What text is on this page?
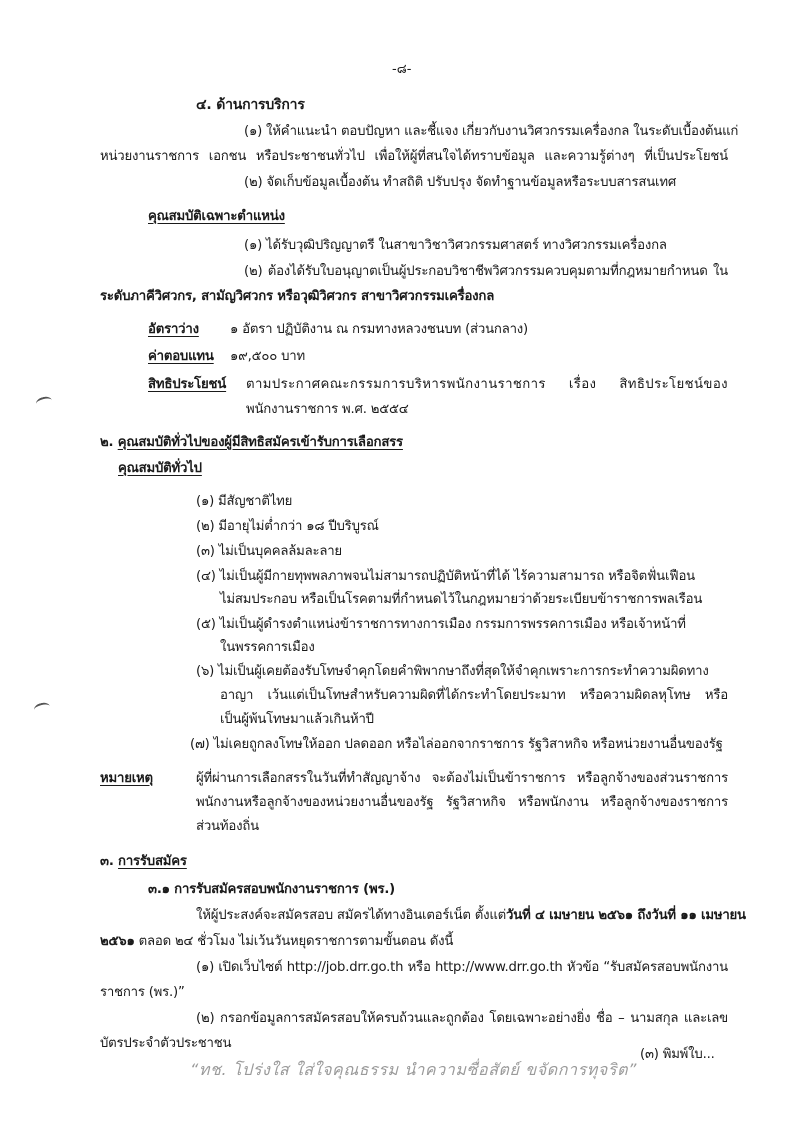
-๘-
๔. ด้านการบริการ
(๑) ให้คำแนะนำ ตอบปัญหา และชี้แจง เกี่ยวกับงานวิศวกรรมเครื่องกล ในระดับเบื้องต้นแก่
หน่วยงานราชการ เอกชน หรือประชาชนทั่วไป เพื่อให้ผู้ที่สนใจได้ทราบข้อมูล และความรู้ต่างๆ ที่เป็นประโยชน์
(๒) จัดเก็บข้อมูลเบื้องต้น ทำสถิติ ปรับปรุง จัดทำฐานข้อมูลหรือระบบสารสนเทศ
คุณสมบัติเฉพาะตำแหน่ง
(๑) ได้รับวุฒิปริญญาตรี ในสาขาวิชาวิศวกรรมศาสตร์ ทางวิศวกรรมเครื่องกล
(๒) ต้องได้รับใบอนุญาตเป็นผู้ประกอบวิชาชีพวิศวกรรมควบคุมตามที่กฎหมายกำหนด ใน
ระดับภาคีวิศวกร, สามัญวิศวกร หรือวุฒิวิศวกร สาขาวิศวกรรมเครื่องกล
อัตราว่าง ๑ อัตรา ปฏิบัติงาน ณ กรมทางหลวงชนบท (ส่วนกลาง)
ค่าตอบแทน ๑๙,๕๐๐ บาท
สิทธิประโยชน์ ตามประกาศคณะกรรมการบริหารพนักงานราชการ เรื่อง สิทธิประโยชน์ของ
พนักงานราชการ พ.ศ. ๒๕๕๔
๒. คุณสมบัติทั่วไปของผู้มีสิทธิสมัครเข้ารับการเลือกสรร
คุณสมบัติทั่วไป
(๑) มีสัญชาติไทย
(๒) มีอายุไม่ต่ำกว่า ๑๘ ปีบริบูรณ์
(๓) ไม่เป็นบุคคลล้มละลาย
(๔) ไม่เป็นผู้มีกายทุพพลภาพจนไม่สามารถปฏิบัติหน้าที่ได้ ไร้ความสามารถ หรือจิตฟั่นเฟือน
ไม่สมประกอบ หรือเป็นโรคตามที่กำหนดไว้ในกฎหมายว่าด้วยระเบียบข้าราชการพลเรือน
(๕) ไม่เป็นผู้ดำรงตำแหน่งข้าราชการทางการเมือง กรรมการพรรคการเมือง หรือเจ้าหน้าที่
ในพรรคการเมือง
(๖) ไม่เป็นผู้เคยต้องรับโทษจำคุกโดยคำพิพากษาถึงที่สุดให้จำคุกเพราะการกระทำความผิดทาง
อาญา เว้นแต่เป็นโทษสำหรับความผิดที่ได้กระทำโดยประมาท หรือความผิดลหุโทษ หรือ
เป็นผู้พ้นโทษมาแล้วเกินห้าปี
(๗) ไม่เคยถูกลงโทษให้ออก ปลดออก หรือไล่ออกจากราชการ รัฐวิสาหกิจ หรือหน่วยงานอื่นของรัฐ
หมายเหตุ	ผู้ที่ผ่านการเลือกสรรในวันที่ทำสัญญาจ้าง จะต้องไม่เป็นข้าราชการ หรือลูกจ้างของส่วนราชการ
พนักงานหรือลูกจ้างของหน่วยงานอื่นของรัฐ รัฐวิสาหกิจ หรือพนักงาน หรือลูกจ้างของราชการ
ส่วนท้องถิ่น
๓. การรับสมัคร
๓.๑ การรับสมัครสอบพนักงานราชการ (พร.)
ให้ผู้ประสงค์จะสมัครสอบ สมัครได้ทางอินเตอร์เน็ต ตั้งแต่วันที่ ๔ เมษายน ๒๕๖๑ ถึงวันที่ ๑๑ เมษายน
๒๕๖๑ ตลอด ๒๔ ชั่วโมง ไม่เว้นวันหยุดราชการตามขั้นตอน ดังนี้
(๑) เปิดเว็บไซต์ http://job.drr.go.th หรือ http://www.drr.go.th หัวข้อ “รับสมัครสอบพนักงาน
ราชการ (พร.)”
(๒) กรอกข้อมูลการสมัครสอบให้ครบถ้วนและถูกต้อง โดยเฉพาะอย่างยิ่ง ชื่อ – นามสกุล และเลข
บัตรประจำตัวประชาชน
(๓) พิมพ์ใบ...
“ทช. โปร่งใส ใส่ใจคุณธรรม นำความซื่อสัตย์ ขจัดการทุจริต”
